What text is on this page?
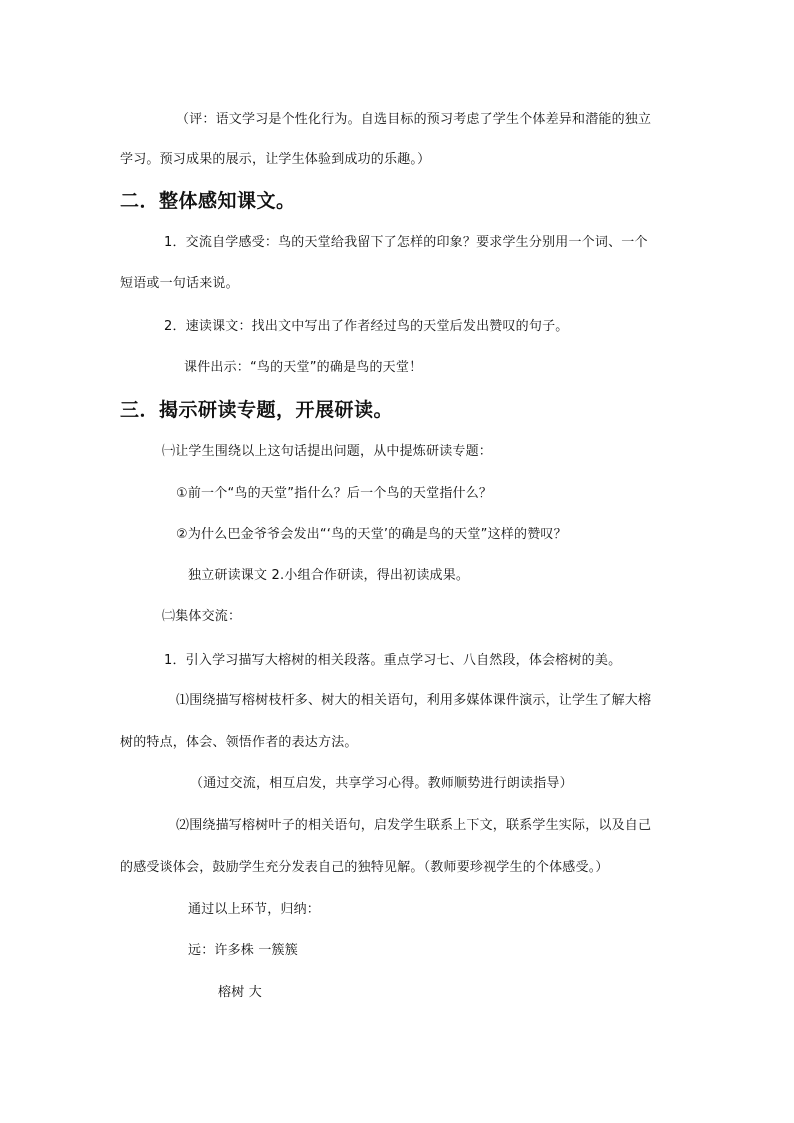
（评：语文学习是个性化行为。自选目标的预习考虑了学生个体差异和潜能的独立
学习。预习成果的展示，让学生体验到成功的乐趣。）
二．整体感知课文。
1．交流自学感受：鸟的天堂给我留下了怎样的印象？要求学生分别用一个词、一个
短语或一句话来说。
2．速读课文：找出文中写出了作者经过鸟的天堂后发出赞叹的句子。
课件出示：“鸟的天堂”的确是鸟的天堂！
三．揭示研读专题，开展研读。
㈠让学生围绕以上这句话提出问题，从中提炼研读专题：
①前一个“鸟的天堂”指什么？后一个鸟的天堂指什么？
②为什么巴金爷爷会发出“‘鸟的天堂’的确是鸟的天堂”这样的赞叹？
独立研读课文 2.小组合作研读，得出初读成果。
㈡集体交流：
1．引入学习描写大榕树的相关段落。重点学习七、八自然段，体会榕树的美。
⑴围绕描写榕树枝杆多、树大的相关语句，利用多媒体课件演示，让学生了解大榕
树的特点，体会、领悟作者的表达方法。
（通过交流，相互启发，共享学习心得。教师顺势进行朗读指导）
⑵围绕描写榕树叶子的相关语句，启发学生联系上下文，联系学生实际，以及自己
的感受谈体会，鼓励学生充分发表自己的独特见解。（教师要珍视学生的个体感受。）
通过以上环节，归纳：
远：许多株 一簇簇
榕树 大
